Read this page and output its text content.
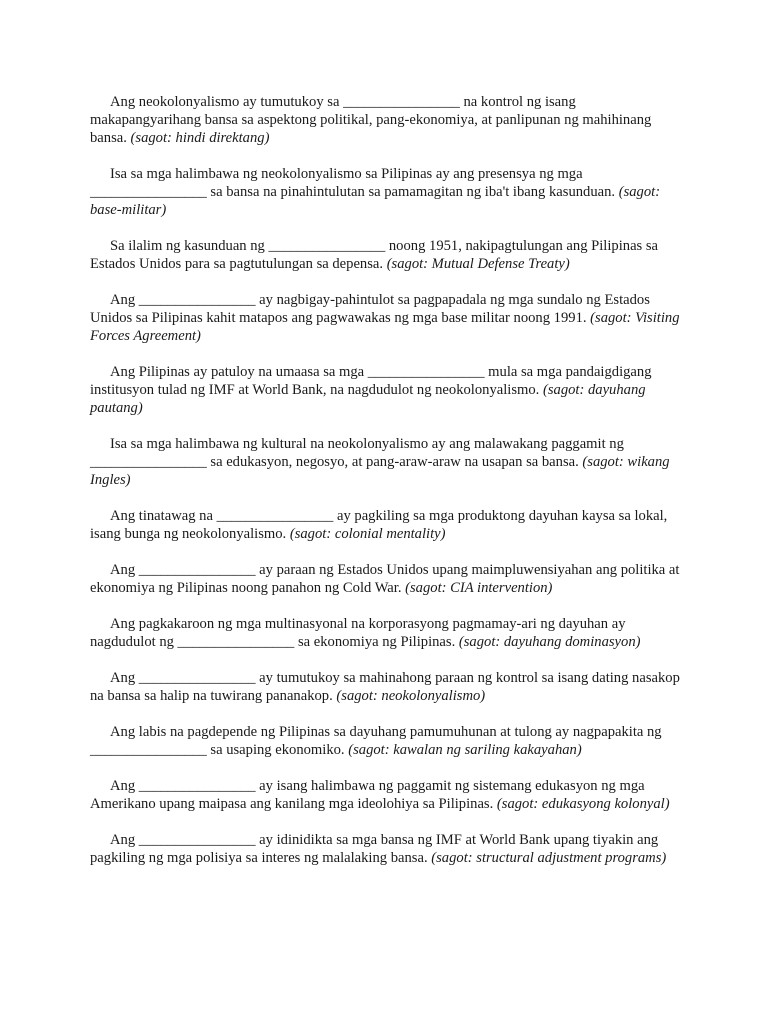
Ang neokolonyalismo ay tumutukoy sa ________________ na kontrol ng isang makapangyarihang bansa sa aspektong politikal, pang-ekonomiya, at panlipunan ng mahihinang bansa. (sagot: hindi direktang)

Isa sa mga halimbawa ng neokolonyalismo sa Pilipinas ay ang presensya ng mga ________________ sa bansa na pinahintulutan sa pamamagitan ng iba't ibang kasunduan. (sagot: base-militar)

Sa ilalim ng kasunduan ng ________________ noong 1951, nakipagtulungan ang Pilipinas sa Estados Unidos para sa pagtutulungan sa depensa. (sagot: Mutual Defense Treaty)

Ang ________________ ay nagbigay-pahintulot sa pagpapadala ng mga sundalo ng Estados Unidos sa Pilipinas kahit matapos ang pagwawakas ng mga base militar noong 1991. (sagot: Visiting Forces Agreement)

Ang Pilipinas ay patuloy na umaasa sa mga ________________ mula sa mga pandaigdigang institusyon tulad ng IMF at World Bank, na nagdudulot ng neokolonyalismo. (sagot: dayuhang pautang)

Isa sa mga halimbawa ng kultural na neokolonyalismo ay ang malawakang paggamit ng ________________ sa edukasyon, negosyo, at pang-araw-araw na usapan sa bansa. (sagot: wikang Ingles)

Ang tinatawag na ________________ ay pagkiling sa mga produktong dayuhan kaysa sa lokal, isang bunga ng neokolonyalismo. (sagot: colonial mentality)

Ang ________________ ay paraan ng Estados Unidos upang maimpluwensiyahan ang politika at ekonomiya ng Pilipinas noong panahon ng Cold War. (sagot: CIA intervention)

Ang pagkakaroon ng mga multinasyonal na korporasyong pagmamay-ari ng dayuhan ay nagdudulot ng ________________ sa ekonomiya ng Pilipinas. (sagot: dayuhang dominasyon)

Ang ________________ ay tumutukoy sa mahinahong paraan ng kontrol sa isang dating nasakop na bansa sa halip na tuwirang pananakop. (sagot: neokolonyalismo)

Ang labis na pagdepende ng Pilipinas sa dayuhang pamumuhunan at tulong ay nagpapakita ng ________________ sa usaping ekonomiko. (sagot: kawalan ng sariling kakayahan)

Ang ________________ ay isang halimbawa ng paggamit ng sistemang edukasyon ng mga Amerikano upang maipasa ang kanilang mga ideolohiya sa Pilipinas. (sagot: edukasyong kolonyal)

Ang ________________ ay idinidikta sa mga bansa ng IMF at World Bank upang tiyakin ang pagkiling ng mga polisiya sa interes ng malalaking bansa. (sagot: structural adjustment programs)
